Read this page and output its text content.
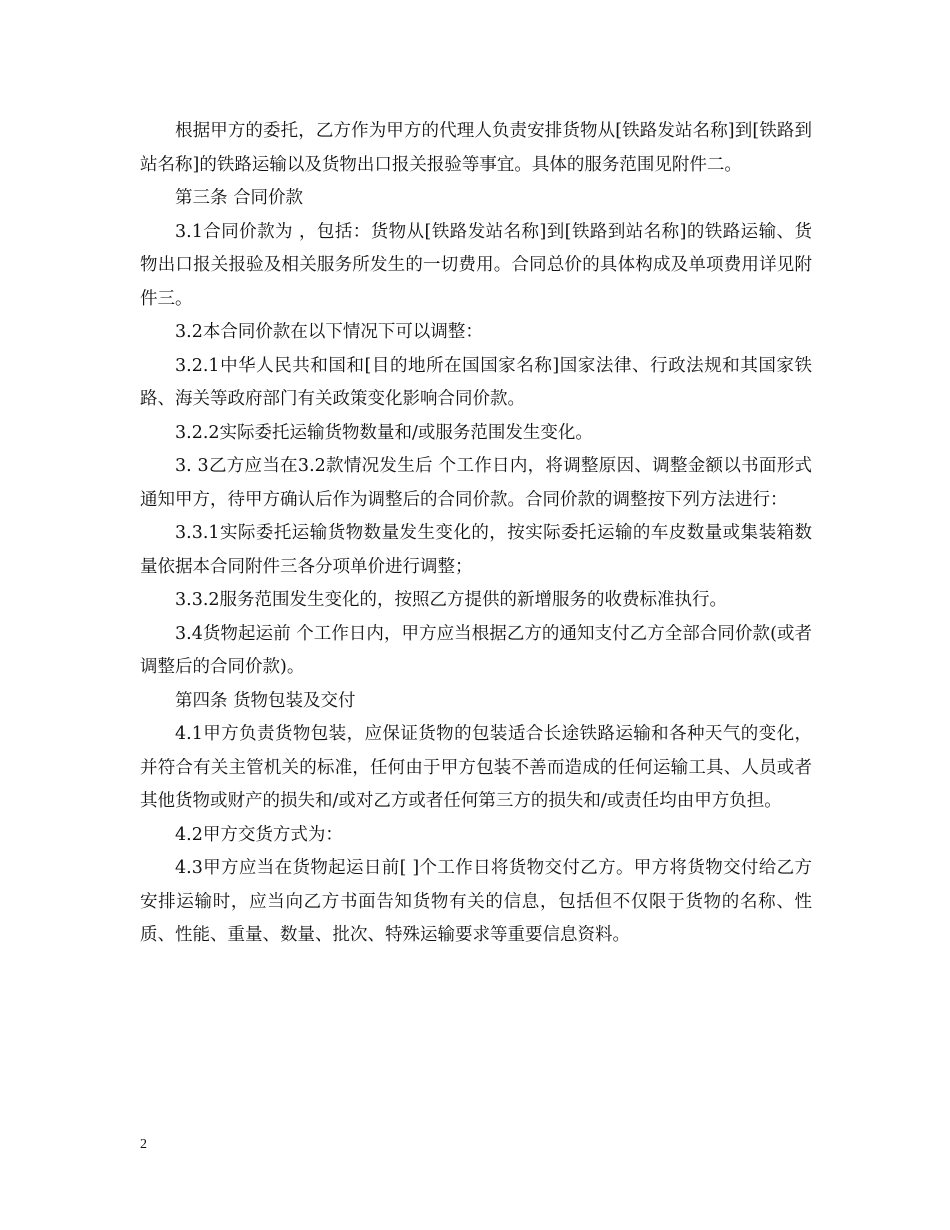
根据甲方的委托，乙方作为甲方的代理人负责安排货物从[铁路发站名称]到[铁路到站名称]的铁路运输以及货物出口报关报验等事宜。具体的服务范围见附件二。

第三条 合同价款

3.1合同价款为 ，包括：货物从[铁路发站名称]到[铁路到站名称]的铁路运输、货物出口报关报验及相关服务所发生的一切费用。合同总价的具体构成及单项费用详见附件三。

3.2本合同价款在以下情况下可以调整：

3.2.1中华人民共和国和[目的地所在国国家名称]国家法律、行政法规和其国家铁路、海关等政府部门有关政策变化影响合同价款。

3.2.2实际委托运输货物数量和/或服务范围发生变化。

3. 3乙方应当在3.2款情况发生后 个工作日内，将调整原因、调整金额以书面形式通知甲方，待甲方确认后作为调整后的合同价款。合同价款的调整按下列方法进行：

3.3.1实际委托运输货物数量发生变化的，按实际委托运输的车皮数量或集装箱数量依据本合同附件三各分项单价进行调整；

3.3.2服务范围发生变化的，按照乙方提供的新增服务的收费标准执行。

3.4货物起运前 个工作日内，甲方应当根据乙方的通知支付乙方全部合同价款(或者调整后的合同价款)。

第四条 货物包装及交付

4.1甲方负责货物包装，应保证货物的包装适合长途铁路运输和各种天气的变化，并符合有关主管机关的标准，任何由于甲方包装不善而造成的任何运输工具、人员或者其他货物或财产的损失和/或对乙方或者任何第三方的损失和/或责任均由甲方负担。

4.2甲方交货方式为：

4.3甲方应当在货物起运日前[ ]个工作日将货物交付乙方。甲方将货物交付给乙方安排运输时，应当向乙方书面告知货物有关的信息，包括但不仅限于货物的名称、性质、性能、重量、数量、批次、特殊运输要求等重要信息资料。

2
